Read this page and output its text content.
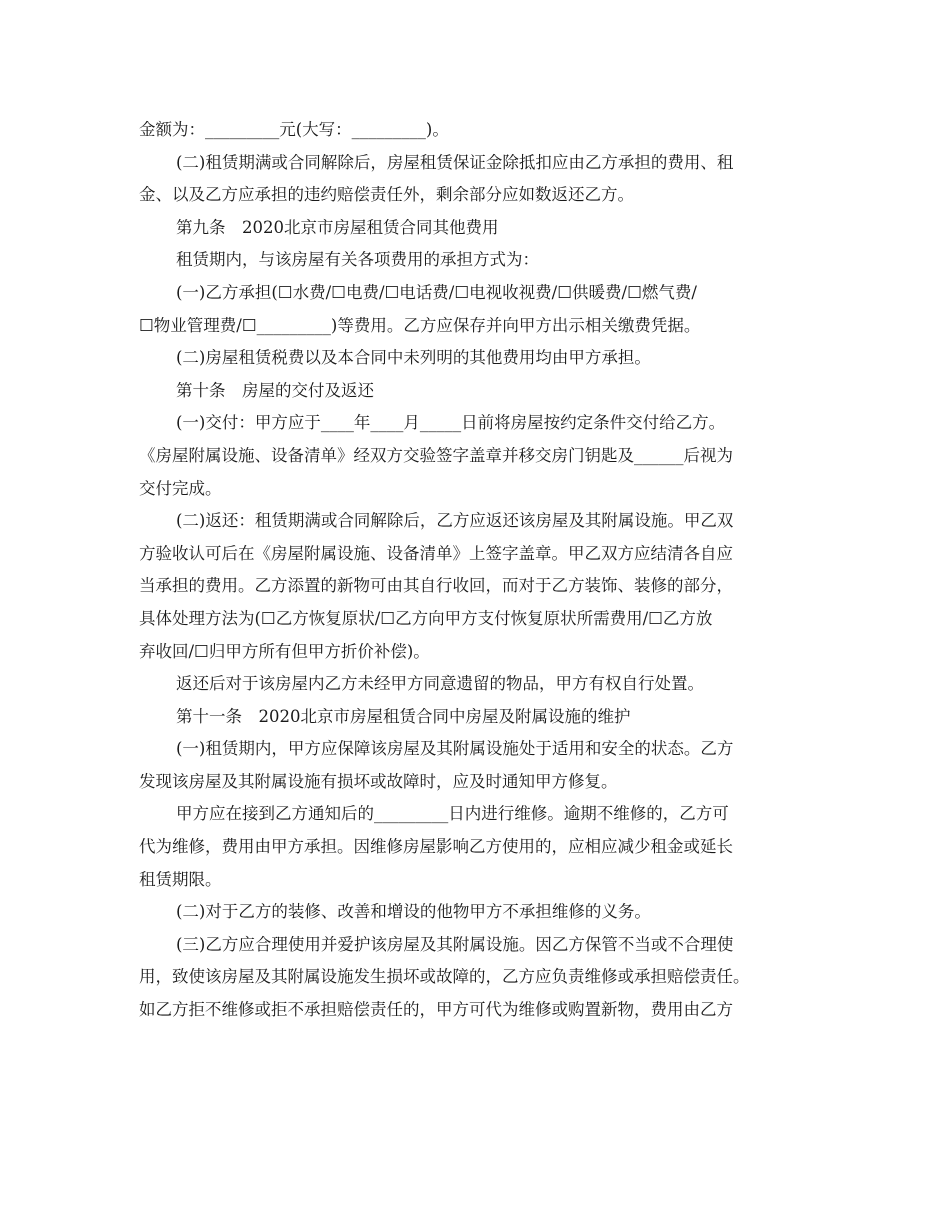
金额为：_________元(大写：_________)。
(二)租赁期满或合同解除后，房屋租赁保证金除抵扣应由乙方承担的费用、租
金、以及乙方应承担的违约赔偿责任外，剩余部分应如数返还乙方。
第九条　2020北京市房屋租赁合同其他费用
租赁期内，与该房屋有关各项费用的承担方式为：
(一)乙方承担(☐水费/☐电费/☐电话费/☐电视收视费/☐供暖费/☐燃气费/
☐物业管理费/☐_________)等费用。乙方应保存并向甲方出示相关缴费凭据。
(二)房屋租赁税费以及本合同中未列明的其他费用均由甲方承担。
第十条　房屋的交付及返还
(一)交付：甲方应于____年____月_____日前将房屋按约定条件交付给乙方。
《房屋附属设施、设备清单》经双方交验签字盖章并移交房门钥匙及______后视为
交付完成。
(二)返还：租赁期满或合同解除后，乙方应返还该房屋及其附属设施。甲乙双
方验收认可后在《房屋附属设施、设备清单》上签字盖章。甲乙双方应结清各自应
当承担的费用。乙方添置的新物可由其自行收回，而对于乙方装饰、装修的部分，
具体处理方法为(☐乙方恢复原状/☐乙方向甲方支付恢复原状所需费用/☐乙方放
弃收回/☐归甲方所有但甲方折价补偿)。
返还后对于该房屋内乙方未经甲方同意遗留的物品，甲方有权自行处置。
第十一条　2020北京市房屋租赁合同中房屋及附属设施的维护
(一)租赁期内，甲方应保障该房屋及其附属设施处于适用和安全的状态。乙方
发现该房屋及其附属设施有损坏或故障时，应及时通知甲方修复。
甲方应在接到乙方通知后的_________日内进行维修。逾期不维修的，乙方可
代为维修，费用由甲方承担。因维修房屋影响乙方使用的，应相应减少租金或延长
租赁期限。
(二)对于乙方的装修、改善和增设的他物甲方不承担维修的义务。
(三)乙方应合理使用并爱护该房屋及其附属设施。因乙方保管不当或不合理使
用，致使该房屋及其附属设施发生损坏或故障的，乙方应负责维修或承担赔偿责任。
如乙方拒不维修或拒不承担赔偿责任的，甲方可代为维修或购置新物，费用由乙方
